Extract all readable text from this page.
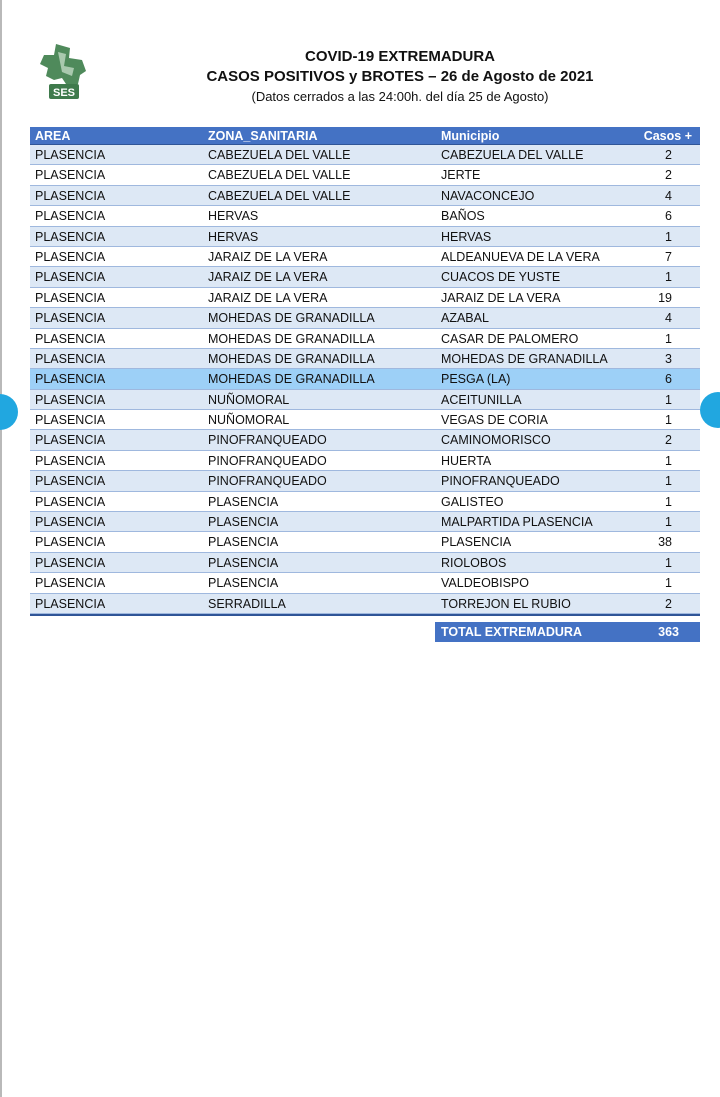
SES
COVID-19 EXTREMADURA
CASOS POSITIVOS y BROTES – 26 de Agosto de 2021
(Datos cerrados a las 24:00h. del día 25 de Agosto)
AREA	ZONA_SANITARIA	Municipio	Casos +
PLASENCIA	CABEZUELA DEL VALLE	CABEZUELA DEL VALLE	2
PLASENCIA	CABEZUELA DEL VALLE	JERTE	2
PLASENCIA	CABEZUELA DEL VALLE	NAVACONCEJO	4
PLASENCIA	HERVAS	BAÑOS	6
PLASENCIA	HERVAS	HERVAS	1
PLASENCIA	JARAIZ DE LA VERA	ALDEANUEVA DE LA VERA	7
PLASENCIA	JARAIZ DE LA VERA	CUACOS DE YUSTE	1
PLASENCIA	JARAIZ DE LA VERA	JARAIZ DE LA VERA	19
PLASENCIA	MOHEDAS DE GRANADILLA	AZABAL	4
PLASENCIA	MOHEDAS DE GRANADILLA	CASAR DE PALOMERO	1
PLASENCIA	MOHEDAS DE GRANADILLA	MOHEDAS DE GRANADILLA	3
PLASENCIA	MOHEDAS DE GRANADILLA	PESGA (LA)	6
PLASENCIA	NUÑOMORAL	ACEITUNILLA	1
PLASENCIA	NUÑOMORAL	VEGAS DE CORIA	1
PLASENCIA	PINOFRANQUEADO	CAMINOMORISCO	2
PLASENCIA	PINOFRANQUEADO	HUERTA	1
PLASENCIA	PINOFRANQUEADO	PINOFRANQUEADO	1
PLASENCIA	PLASENCIA	GALISTEO	1
PLASENCIA	PLASENCIA	MALPARTIDA PLASENCIA	1
PLASENCIA	PLASENCIA	PLASENCIA	38
PLASENCIA	PLASENCIA	RIOLOBOS	1
PLASENCIA	PLASENCIA	VALDEOBISPO	1
PLASENCIA	SERRADILLA	TORREJON EL RUBIO	2
TOTAL EXTREMADURA	363
